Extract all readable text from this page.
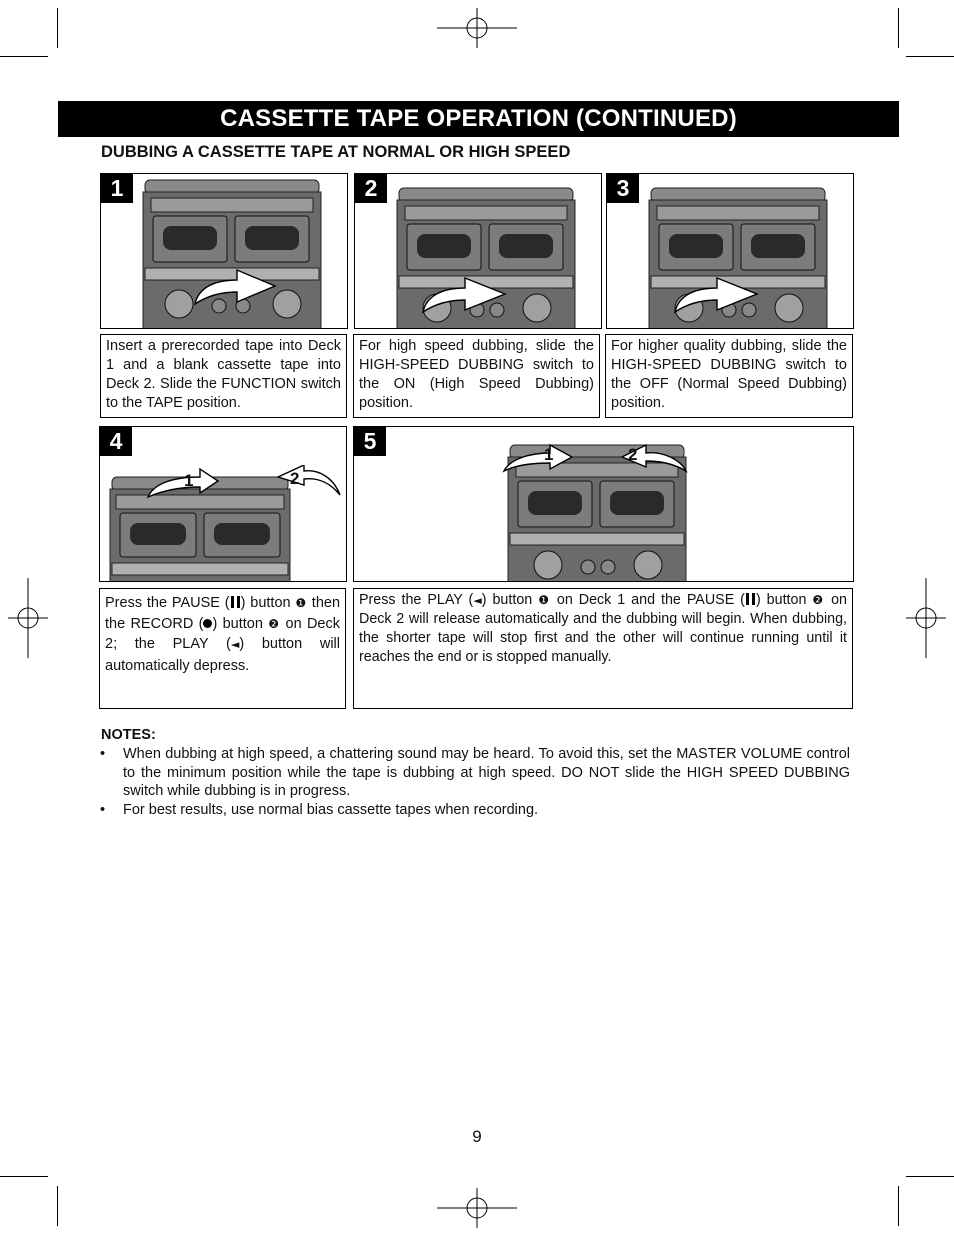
CASSETTE TAPE OPERATION (CONTINUED)
DUBBING A CASSETTE TAPE AT NORMAL OR HIGH SPEED
1	2	3
Insert a prerecorded tape into Deck 1 and a blank cassette tape into Deck 2. Slide the FUNCTION switch to the TAPE position.
For high speed dubbing, slide the HIGH-SPEED DUBBING switch to the ON (High Speed Dubbing) position.
For higher quality dubbing, slide the HIGH-SPEED DUBBING switch to the OFF (Normal Speed Dubbing) position.
1	2
4
1	2
5
Press the PAUSE ( ) button ❶ then the RECORD ( ) button ❷ on Deck 2; the PLAY (◄) button will automatically depress.
Press the PLAY (◄) button ❶ on Deck 1 and the PAUSE ( ) button ❷ on Deck 2 will release automatically and the dubbing will begin. When dubbing, the shorter tape will stop first and the other will continue running until it reaches the end or is stopped manually.
NOTES:

• When dubbing at high speed, a chattering sound may be heard. To avoid this, set the MASTER VOLUME control to the minimum position while the tape is dubbing at high speed. DO NOT slide the HIGH SPEED DUBBING switch while dubbing is in progress.

• For best results, use normal bias cassette tapes when recording.

9
